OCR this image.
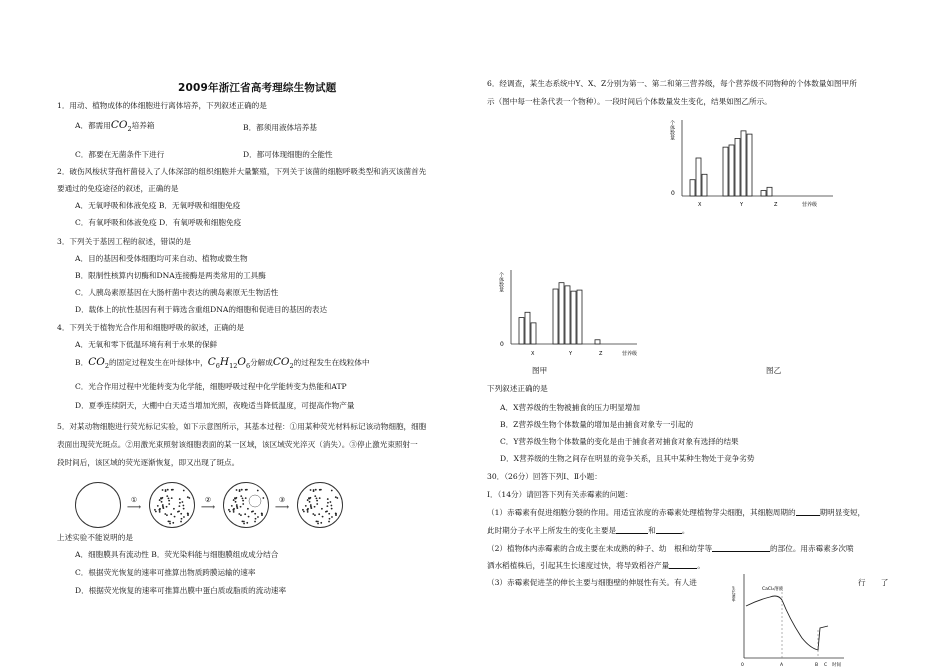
2009年浙江省高考理综生物试题
1．用动、植物成体的体细胞进行离体培养，下列叙述正确的是
A．都需用$CO_2$培养箱	B．都须用液体培养基
C．都要在无菌条件下进行	D．都可体现细胞的全能性
2．破伤风梭状芽孢杆菌侵入了人体深部的组织细胞并大量繁殖，下列关于该菌的细胞呼吸类型和消灭该菌首先
要通过的免疫途径的叙述，正确的是
A．无氧呼吸和体液免疫 B．无氧呼吸和细胞免疫
C．有氧呼吸和体液免疫 D．有氧呼吸和细胞免疫
3．下列关于基因工程的叙述，错误的是
A．目的基因和受体细胞均可来自动、植物或微生物
B．限制性核算内切酶和DNA连接酶是两类常用的工具酶
C．人胰岛素原基因在大肠杆菌中表达的胰岛素原无生物活性
D．载体上的抗性基因有利于筛选含重组DNA的细胞和促进目的基因的表达
4．下列关于植物光合作用和细胞呼吸的叙述，正确的是
A．无氧和零下低温环境有利于水果的保鲜
B．$CO_2$的固定过程发生在叶绿体中，$C_6H_{12}O_6$分解成$CO_2$的过程发生在线粒体中
C．光合作用过程中光能转变为化学能，细胞呼吸过程中化学能转变为热能和ATP
D．夏季连续阴天，大棚中白天适当增加光照，夜晚适当降低温度，可提高作物产量
5．对某动物细胞进行荧光标记实验，如下示意图所示，其基本过程：①用某种荧光材料标记该动物细胞，细胞
表面出现荧光斑点。②用激光束照射该细胞表面的某一区域，该区域荧光淬灭（消失）。③停止激光束照射一
段时间后，该区域的荧光逐渐恢复，即又出现了斑点。
①
⟶
②
⟶
③
⟶
上述实验不能说明的是
A．细胞膜具有流动性 B．荧光染料能与细胞膜组成成分结合
C．根据荧光恢复的速率可推算出物质跨膜运输的速率
D．根据荧光恢复的速率可推算出膜中蛋白质或脂质的流动速率
6．经调查，某生态系统中Y、X、Z分别为第一、第二和第三营养级，每个营养级不同物种的个体数量如图甲所
示（图中每一柱条代表一个物种）。一段时间后个体数量发生变化，结果如图乙所示。
个体数量
0
X	Y	Z	营养级
个体数量
0
X	Y	Z	营养级
图甲	图乙
下列叙述正确的是
A．X营养级的生物被捕食的压力明显增加
B．Z营养级生物个体数量的增加是由捕食对象专一引起的
C．Y营养级生物个体数量的变化是由于捕食者对捕食对象有选择的结果
D．X营养级的生物之间存在明显的竞争关系，且其中某种生物处于竞争劣势
30．（26分）回答下列Ⅰ、Ⅱ小题：
Ⅰ．（14分）请回答下列有关赤霉素的问题：
（1）赤霉素有促进细胞分裂的作用。用适宜浓度的赤霉素处理植物芽尖细胞，其细胞周期的	期明显变短，
此时期分子水平上所发生的变化主要是	和	。
（2）植物体内赤霉素的合成主要在未成熟的种子、幼　根和幼芽等	的部位。用赤霉素多次喷
洒水稻植株后，引起其生长速度过快，将导致稻谷产量	。
（3）赤霉素促进茎的伸长主要与细胞壁的伸展性有关。有人进	行　　了
生长速率	CaCl₂溶液
0	A	B C 时间
